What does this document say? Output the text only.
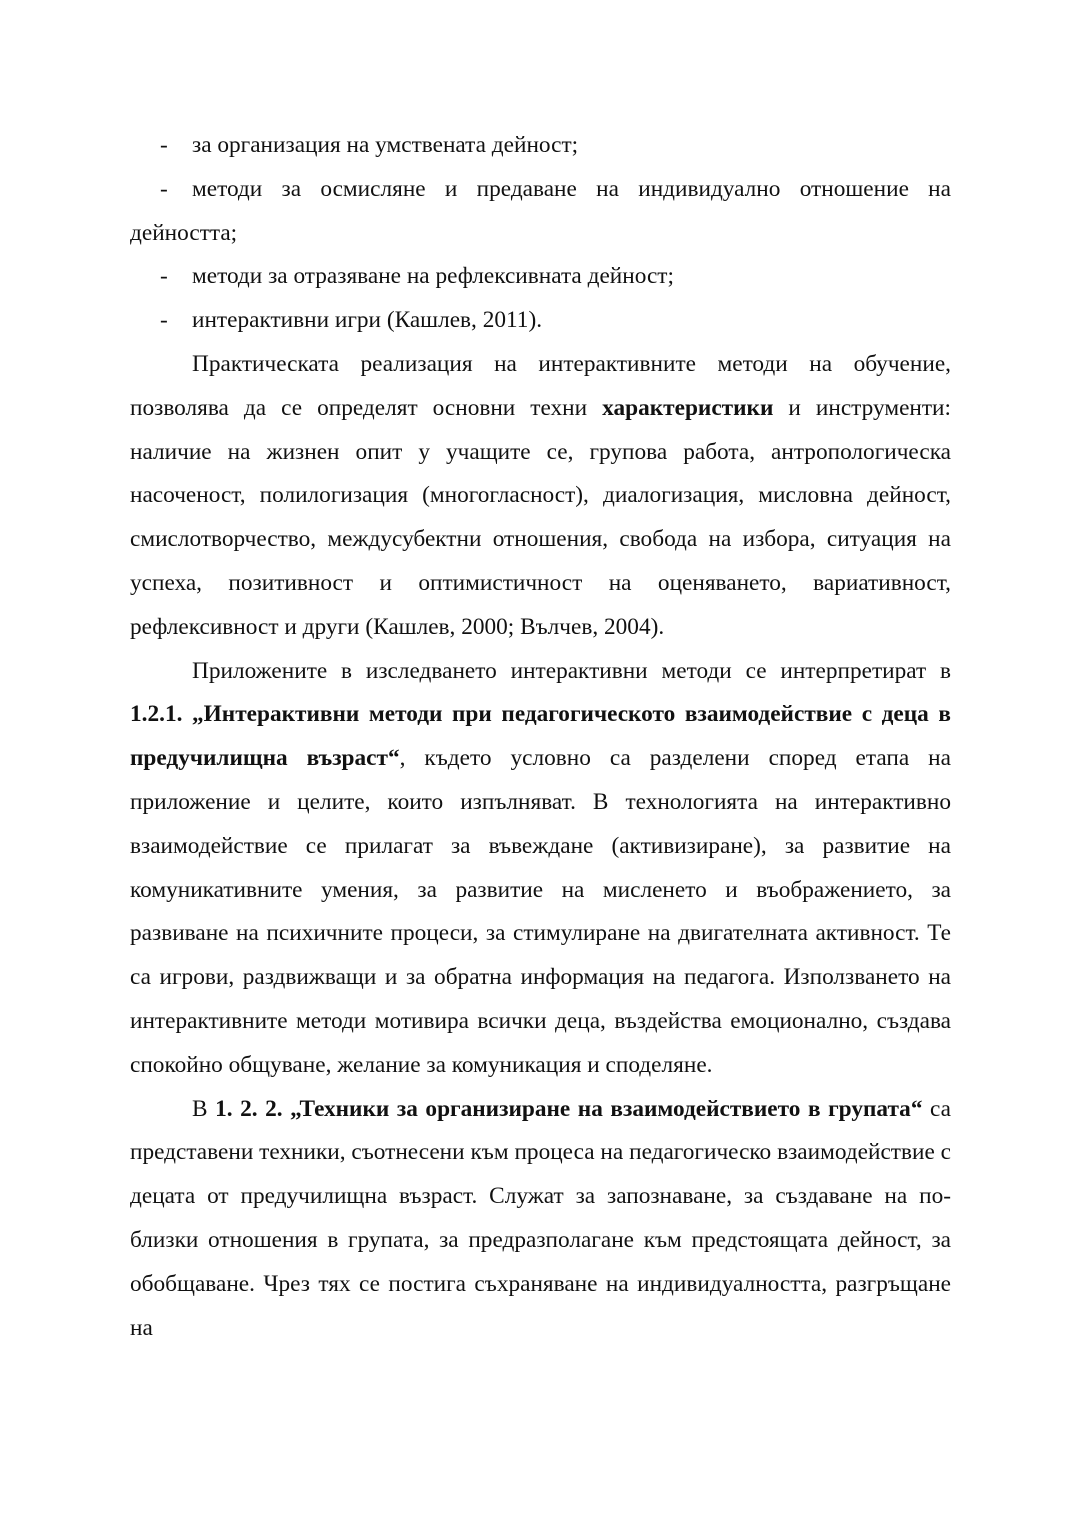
-	за организация на умствената дейност;
-	методи за осмисляне и предаване на индивидуално отношение на
дейността;
-	методи за отразяване на рефлексивната дейност;
-	интерактивни игри (Кашлев, 2011).

Практическата реализация на интерактивните методи на обучение, позволява да се определят основни техни характеристики и инструменти: наличие на жизнен опит у учащите се, групова работа, антропологическа насоченост, полилогизация (многогласност), диалогизация, мисловна дейност, смислотворчество, междусубектни отношения, свобода на избора, ситуация на успеха, позитивност и оптимистичност на оценяването, вариативност, рефлексивност и други (Кашлев, 2000; Вълчев, 2004).

Приложените в изследването интерактивни методи се интерпретират в 1.2.1. „Интерактивни методи при педагогическото взаимодействие с деца в предучилищна възраст“, където условно са разделени според етапа на приложение и целите, които изпълняват. В технологията на интерактивно взаимодействие се прилагат за въвеждане (активизиране), за развитие на комуникативните умения, за развитие на мисленето и въображението, за развиване на психичните процеси, за стимулиране на двигателната активност. Те са игрови, раздвижващи и за обратна информация на педагога. Използването на интерактивните методи мотивира всички деца, въздейства емоционално, създава спокойно общуване, желание за комуникация и споделяне.

В 1. 2. 2. „Техники за организиране на взаимодействието в групата“ са представени техники, съотнесени към процеса на педагогическо взаимодействие с децата от предучилищна възраст. Служат за запознаване, за създаване на по-близки отношения в групата, за предразполагане към предстоящата дейност, за обобщаване. Чрез тях се постига съхраняване на индивидуалността, разгръщане на
